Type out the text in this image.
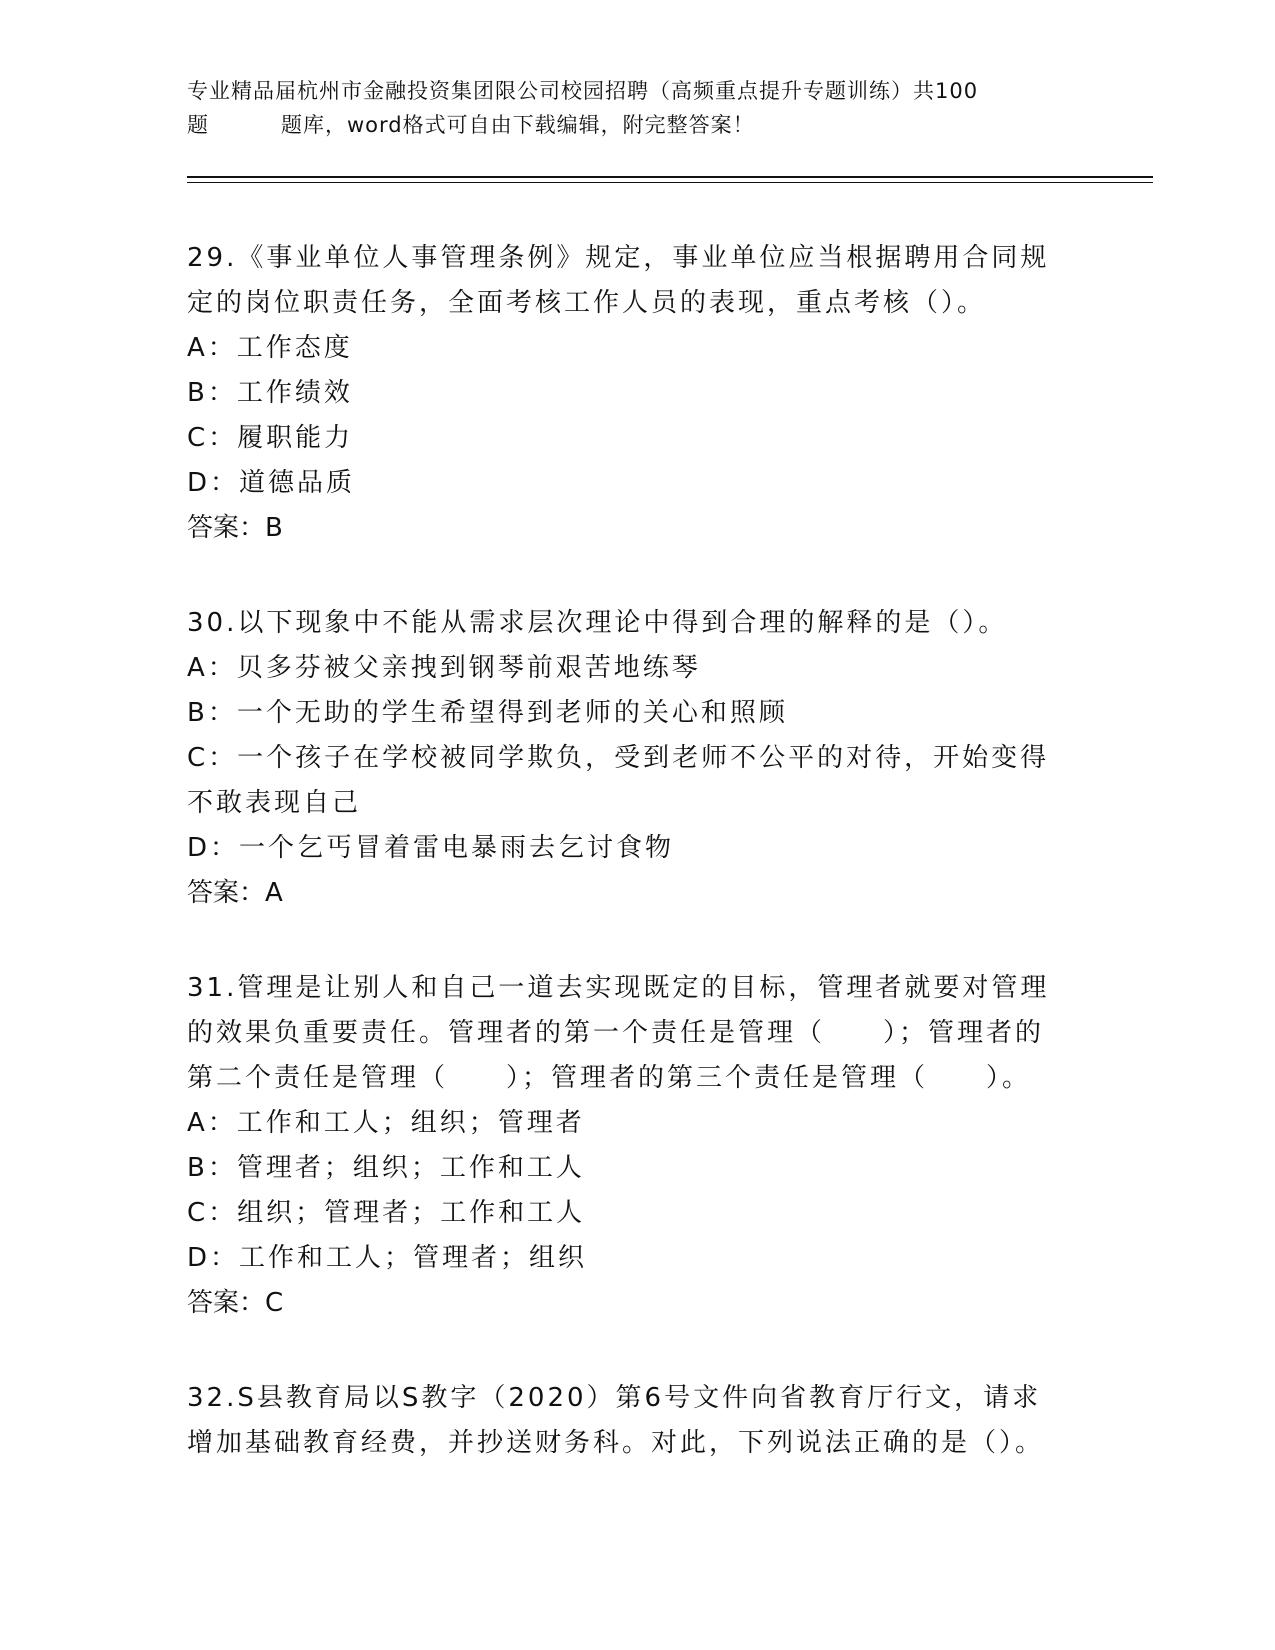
专业精品届杭州市金融投资集团限公司校园招聘（高频重点提升专题训练）共100
题	题库，word格式可自由下载编辑，附完整答案！
29.《事业单位人事管理条例》规定，事业单位应当根据聘用合同规定的岗位职责任务，全面考核工作人员的表现，重点考核（）。
A：工作态度
B：工作绩效
C：履职能力
D：道德品质
答案：B
30.以下现象中不能从需求层次理论中得到合理的解释的是（）。
A：贝多芬被父亲拽到钢琴前艰苦地练琴
B：一个无助的学生希望得到老师的关心和照顾
C：一个孩子在学校被同学欺负，受到老师不公平的对待，开始变得不敢表现自己
D：一个乞丐冒着雷电暴雨去乞讨食物
答案：A
31.管理是让别人和自己一道去实现既定的目标，管理者就要对管理的效果负重要责任。管理者的第一个责任是管理（　　）；管理者的第二个责任是管理（　　）；管理者的第三个责任是管理（　　）。
A：工作和工人；组织；管理者
B：管理者；组织；工作和工人
C：组织；管理者；工作和工人
D：工作和工人；管理者；组织
答案：C
32.S县教育局以S教字（2020）第6号文件向省教育厅行文，请求增加基础教育经费，并抄送财务科。对此，下列说法正确的是（）。
